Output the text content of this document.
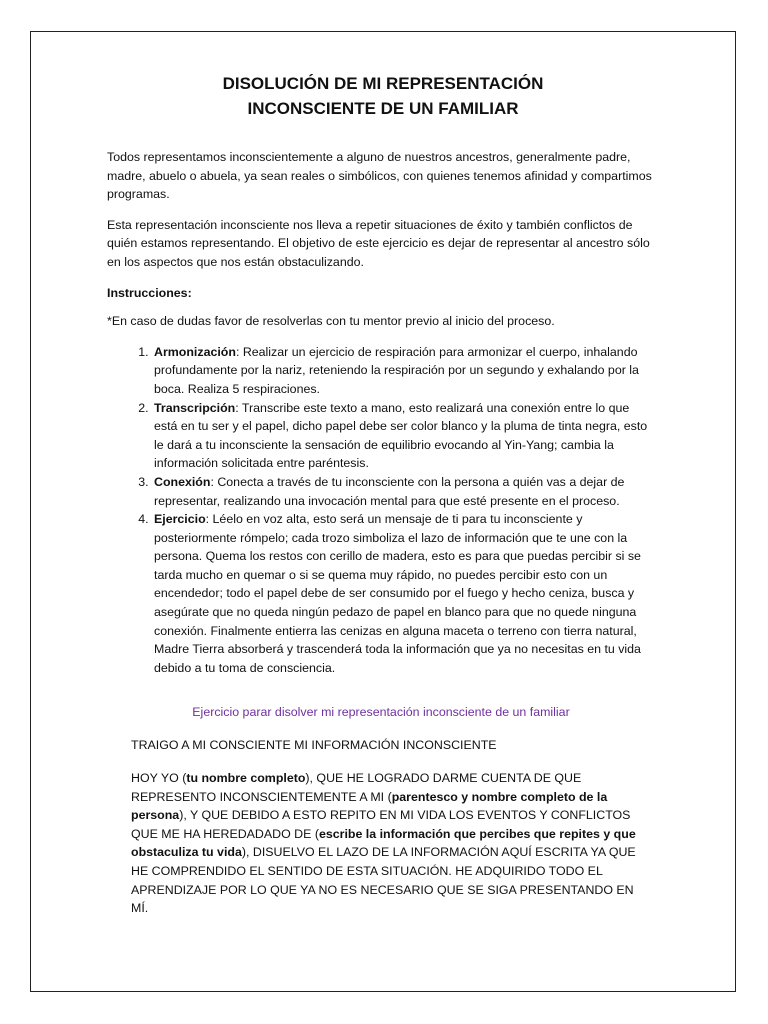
DISOLUCIÓN DE MI REPRESENTACIÓN
INCONSCIENTE DE UN FAMILIAR

Todos representamos inconscientemente a alguno de nuestros ancestros, generalmente padre, madre, abuelo o abuela, ya sean reales o simbólicos, con quienes tenemos afinidad y compartimos programas.

Esta representación inconsciente nos lleva a repetir situaciones de éxito y también conflictos de quién estamos representando. El objetivo de este ejercicio es dejar de representar al ancestro sólo en los aspectos que nos están obstaculizando.

Instrucciones:

*En caso de dudas favor de resolverlas con tu mentor previo al inicio del proceso.

1. Armonización: Realizar un ejercicio de respiración para armonizar el cuerpo, inhalando profundamente por la nariz, reteniendo la respiración por un segundo y exhalando por la boca. Realiza 5 respiraciones.
2. Transcripción: Transcribe este texto a mano, esto realizará una conexión entre lo que está en tu ser y el papel, dicho papel debe ser color blanco y la pluma de tinta negra, esto le dará a tu inconsciente la sensación de equilibrio evocando al Yin-Yang; cambia la información solicitada entre paréntesis.
3. Conexión: Conecta a través de tu inconsciente con la persona a quién vas a dejar de representar, realizando una invocación mental para que esté presente en el proceso.
4. Ejercicio: Léelo en voz alta, esto será un mensaje de ti para tu inconsciente y posteriormente rómpelo; cada trozo simboliza el lazo de información que te une con la persona. Quema los restos con cerillo de madera, esto es para que puedas percibir si se tarda mucho en quemar o si se quema muy rápido, no puedes percibir esto con un encendedor; todo el papel debe de ser consumido por el fuego y hecho ceniza, busca y asegúrate que no queda ningún pedazo de papel en blanco para que no quede ninguna conexión. Finalmente entierra las cenizas en alguna maceta o terreno con tierra natural, Madre Tierra absorberá y trascenderá toda la información que ya no necesitas en tu vida debido a tu toma de consciencia.
Ejercicio parar disolver mi representación inconsciente de un familiar

TRAIGO A MI CONSCIENTE MI INFORMACIÓN INCONSCIENTE

HOY YO (tu nombre completo), QUE HE LOGRADO DARME CUENTA DE QUE REPRESENTO INCONSCIENTEMENTE A MI (parentesco y nombre completo de la persona), Y QUE DEBIDO A ESTO REPITO EN MI VIDA LOS EVENTOS Y CONFLICTOS QUE ME HA HEREDADADO DE (escribe la información que percibes que repites y que obstaculiza tu vida), DISUELVO EL LAZO DE LA INFORMACIÓN AQUÍ ESCRITA YA QUE HE COMPRENDIDO EL SENTIDO DE ESTA SITUACIÓN. HE ADQUIRIDO TODO EL APRENDIZAJE POR LO QUE YA NO ES NECESARIO QUE SE SIGA PRESENTANDO EN MÍ.
